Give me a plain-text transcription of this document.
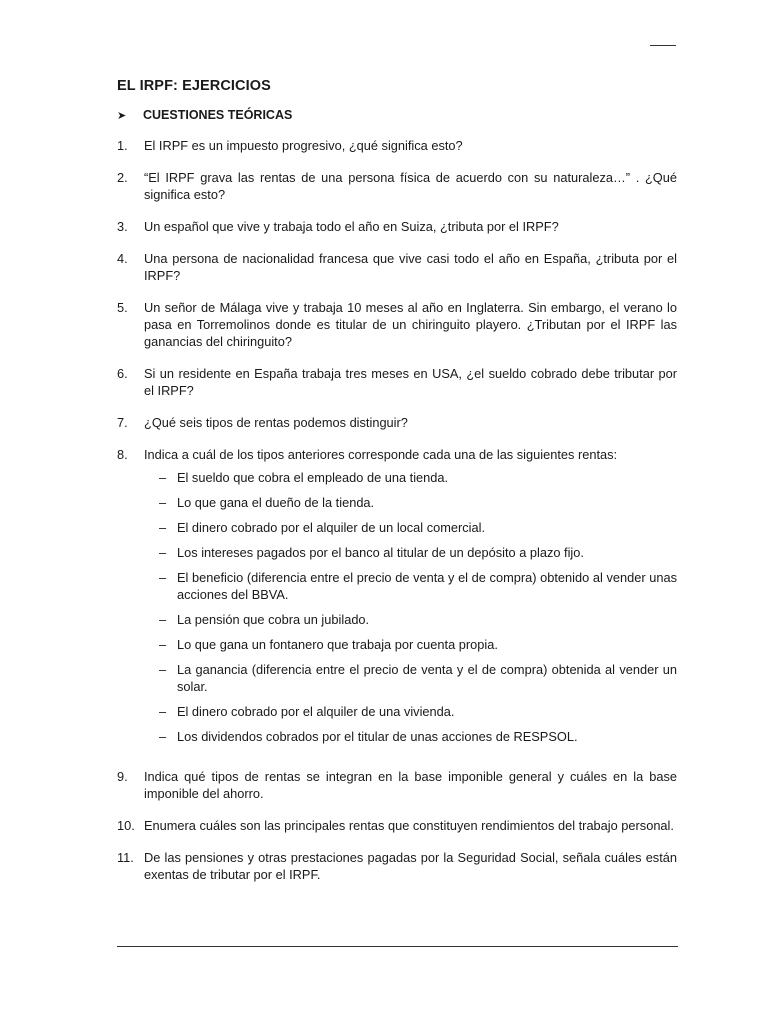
EL IRPF: EJERCICIOS
➤	CUESTIONES TEÓRICAS
1.	El IRPF es un impuesto progresivo, ¿qué significa esto?
2.	“El IRPF grava las rentas de una persona física de acuerdo con su naturaleza…” . ¿Qué significa esto?
3.	Un español que vive y trabaja todo el año en Suiza, ¿tributa por el IRPF?
4.	Una persona de nacionalidad francesa que vive casi todo el año en España, ¿tributa por el IRPF?
5.	Un señor de Málaga vive y trabaja 10 meses al año en Inglaterra. Sin embargo, el verano lo pasa en Torremolinos donde es titular de un chiringuito playero. ¿Tributan por el IRPF las ganancias del chiringuito?
6.	Si un residente en España trabaja tres meses en USA, ¿el sueldo cobrado debe tributar por el IRPF?
7.	¿Qué seis tipos de rentas podemos distinguir?
8.	Indica a cuál de los tipos anteriores corresponde cada una de las siguientes rentas:
– El sueldo que cobra el empleado de una tienda.
– Lo que gana el dueño de la tienda.
– El dinero cobrado por el alquiler de un local comercial.
– Los intereses pagados por el banco al titular de un depósito a plazo fijo.
– El beneficio (diferencia entre el precio de venta y el de compra) obtenido al vender unas acciones del BBVA.
– La pensión que cobra un jubilado.
– Lo que gana un fontanero que trabaja por cuenta propia.
– La ganancia (diferencia entre el precio de venta y el de compra) obtenida al vender un solar.
– El dinero cobrado por el alquiler de una vivienda.
– Los dividendos cobrados por el titular de unas acciones de RESPSOL.
9.	Indica qué tipos de rentas se integran en la base imponible general y cuáles en la base imponible del ahorro.
10. Enumera cuáles son las principales rentas que constituyen rendimientos del trabajo personal.
11. De las pensiones y otras prestaciones pagadas por la Seguridad Social, señala cuáles están exentas de tributar por el IRPF.
